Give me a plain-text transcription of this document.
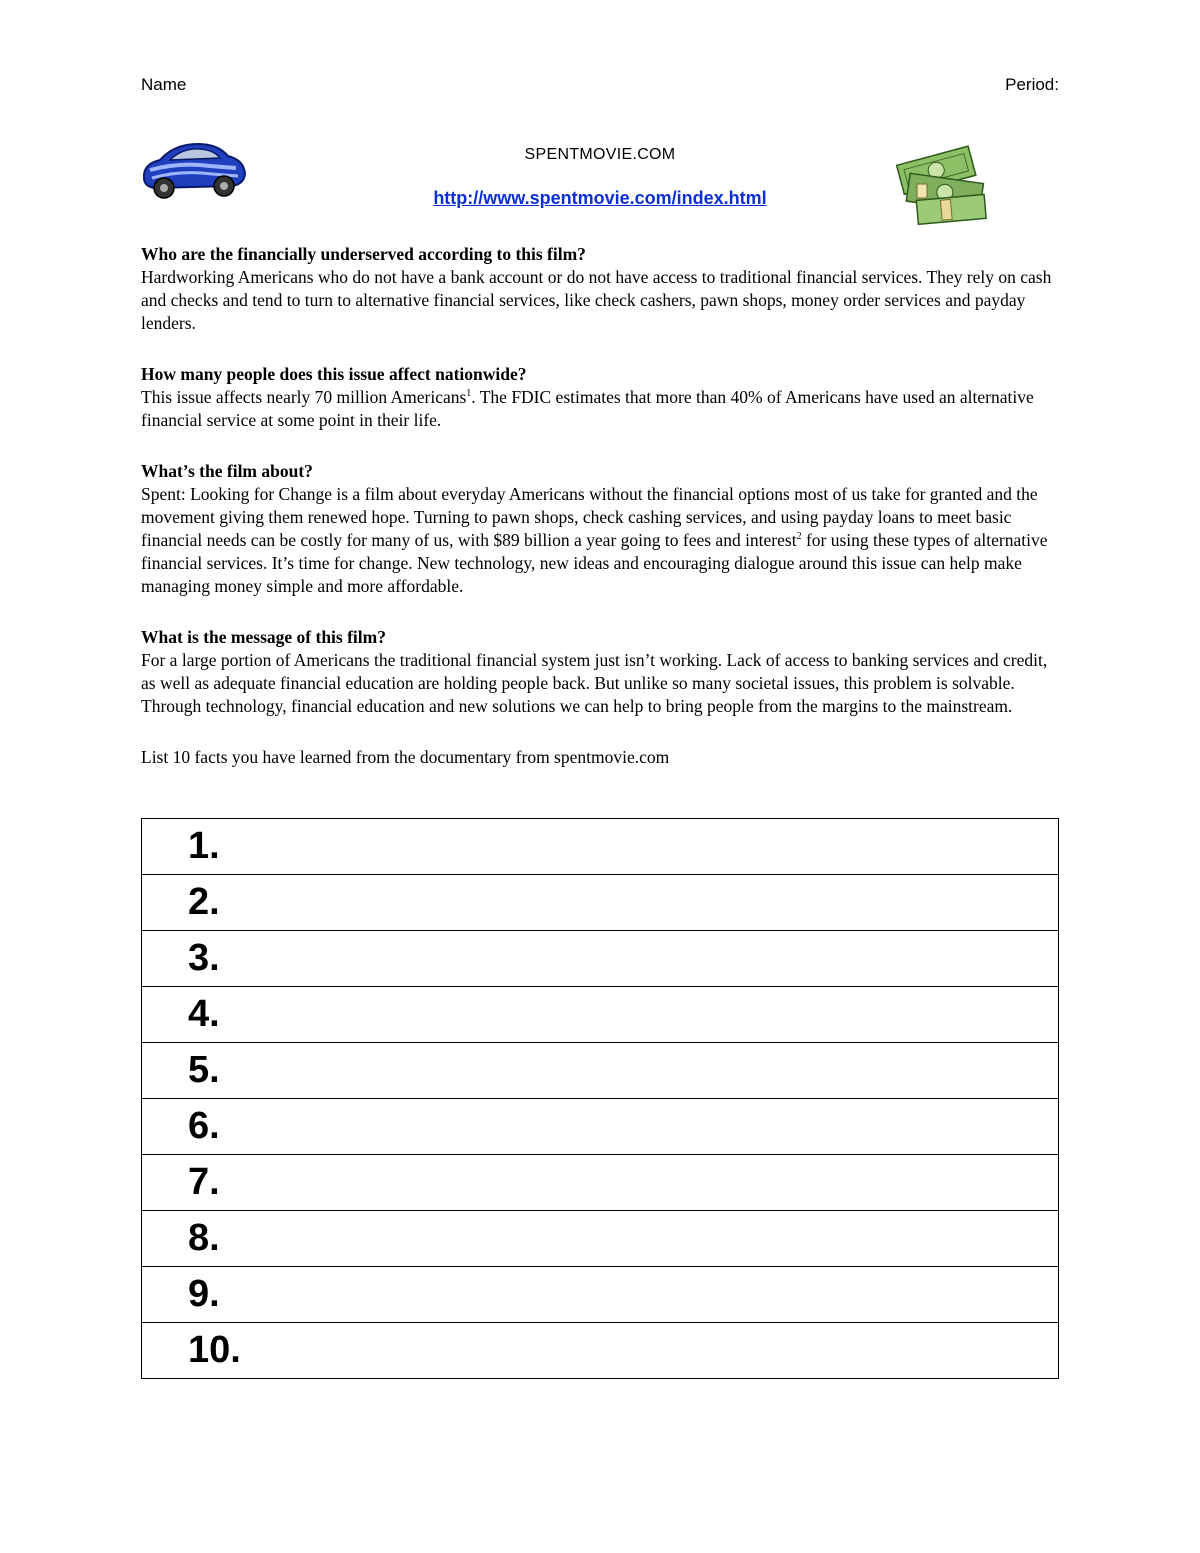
Name	Period:
SPENTMOVIE.COM
http://www.spentmovie.com/index.html
Who are the financially underserved according to this film?

Hardworking Americans who do not have a bank account or do not have access to traditional financial services. They rely on cash and checks and tend to turn to alternative financial services, like check cashers, pawn shops, money order services and payday lenders.

How many people does this issue affect nationwide?

This issue affects nearly 70 million Americans$^1$. The FDIC estimates that more than 40% of Americans have used an alternative financial service at some point in their life.

What’s the film about?

Spent: Looking for Change is a film about everyday Americans without the financial options most of us take for granted and the movement giving them renewed hope. Turning to pawn shops, check cashing services, and using payday loans to meet basic financial needs can be costly for many of us, with $89 billion a year going to fees and interest$^2$ for using these types of alternative financial services. It’s time for change. New technology, new ideas and encouraging dialogue around this issue can help make managing money simple and more affordable.

What is the message of this film?

For a large portion of Americans the traditional financial system just isn’t working. Lack of access to banking services and credit, as well as adequate financial education are holding people back. But unlike so many societal issues, this problem is solvable. Through technology, financial education and new solutions we can help to bring people from the margins to the mainstream.

List 10 facts you have learned from the documentary from spentmovie.com
1.
2.
3.
4.
5.
6.
7.
8.
9.
10.
